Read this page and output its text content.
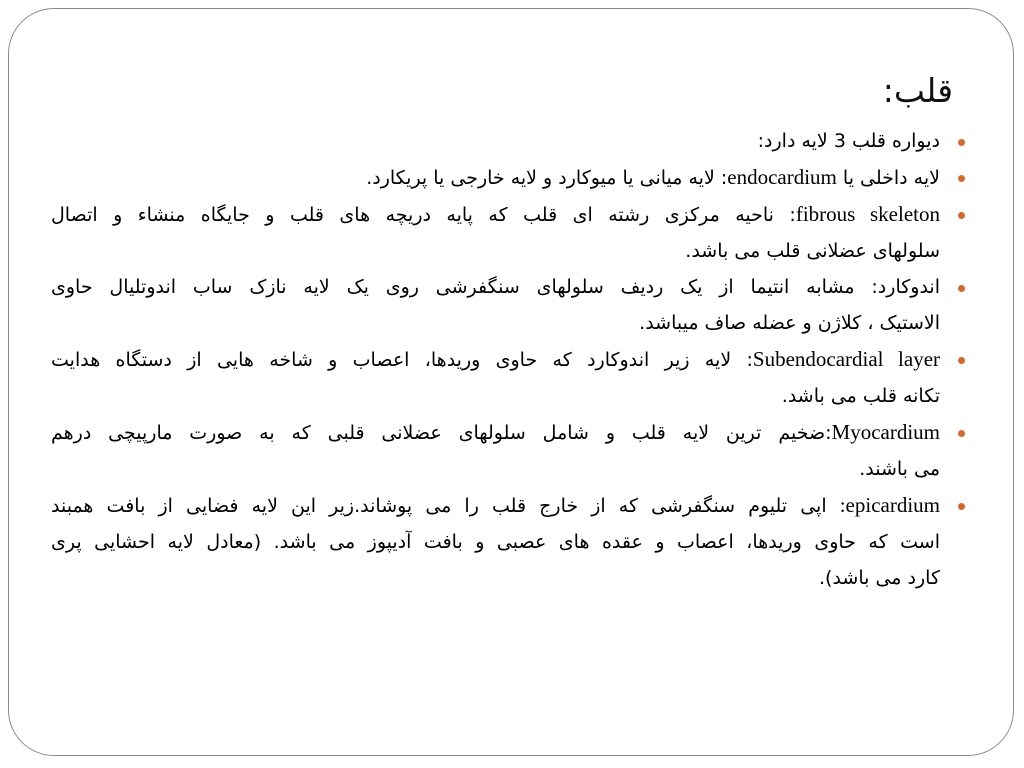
قلب:
دیواره قلب 3 لایه دارد:
لایه داخلی یا endocardium: لایه میانی یا میوکارد و لایه خارجی یا پریکارد.
fibrous skeleton: ناحیه مرکزی رشته ای قلب که پایه دریچه های قلب و جایگاه منشاء و اتصال
سلولهای عضلانی قلب می باشد.
اندوکارد: مشابه انتیما از یک ردیف سلولهای سنگفرشی روی یک لایه نازک ساب اندوتلیال حاوی
الاستیک ، کلاژن و عضله صاف میباشد.
Subendocardial layer: لایه زیر اندوکارد که حاوی وریدها، اعصاب و شاخه هایی از دستگاه هدایت
تکانه قلب می باشد.
Myocardium:ضخیم ترین لایه قلب و شامل سلولهای عضلانی قلبی که به صورت مارپیچی درهم
می باشند.
:epicardium اپی تلیوم سنگفرشی که از خارج قلب را می پوشاند.زیر این لایه فضایی از بافت همبند
است که حاوی وریدها، اعصاب و عقده های عصبی و بافت آدیپوز می باشد. (معادل لایه احشایی پری
کارد می باشد).
